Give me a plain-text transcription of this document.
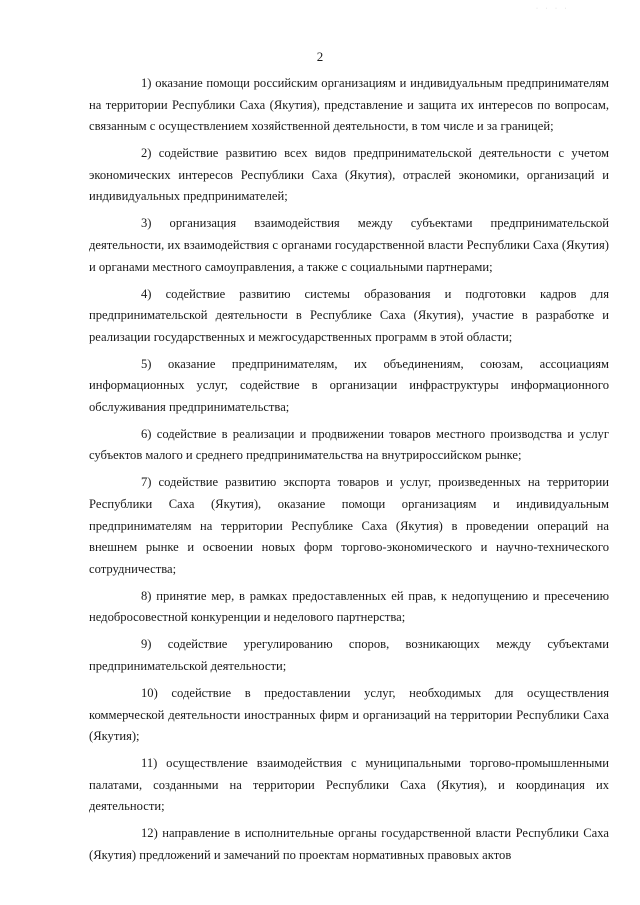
· · · ·
2

1) оказание помощи российским организациям и индивидуальным предпринимателям на территории Республики Саха (Якутия), представление и защита их интересов по вопросам, связанным с осуществлением хозяйственной деятельности, в том числе и за границей;

2) содействие развитию всех видов предпринимательской деятельности с учетом экономических интересов Республики Саха (Якутия), отраслей экономики, организаций и индивидуальных предпринимателей;

3) организация взаимодействия между субъектами предпринимательской деятельности, их взаимодействия с органами государственной власти Республики Саха (Якутия) и органами местного самоуправления, а также с социальными партнерами;

4) содействие развитию системы образования и подготовки кадров для предпринимательской деятельности в Республике Саха (Якутия), участие в разработке и реализации государственных и межгосударственных программ в этой области;

5) оказание предпринимателям, их объединениям, союзам, ассоциациям информационных услуг, содействие в организации инфраструктуры информационного обслуживания предпринимательства;

6) содействие в реализации и продвижении товаров местного производства и услуг субъектов малого и среднего предпринимательства на внутрироссийском рынке;

7) содействие развитию экспорта товаров и услуг, произведенных на территории Республики Саха (Якутия), оказание помощи организациям и индивидуальным предпринимателям на территории Республике Саха (Якутия) в проведении операций на внешнем рынке и освоении новых форм торгово-экономического и научно-технического сотрудничества;

8) принятие мер, в рамках предоставленных ей прав, к недопущению и пресечению недобросовестной конкуренции и неделового партнерства;

9) содействие урегулированию споров, возникающих между субъектами предпринимательской деятельности;

10) содействие в предоставлении услуг, необходимых для осуществления коммерческой деятельности иностранных фирм и организаций на территории Республики Саха (Якутия);

11) осуществление взаимодействия с муниципальными торгово-промышленными палатами, созданными на территории Республики Саха (Якутия), и координация их деятельности;

12) направление в исполнительные органы государственной власти Республики Саха (Якутия) предложений и замечаний по проектам нормативных правовых актов
